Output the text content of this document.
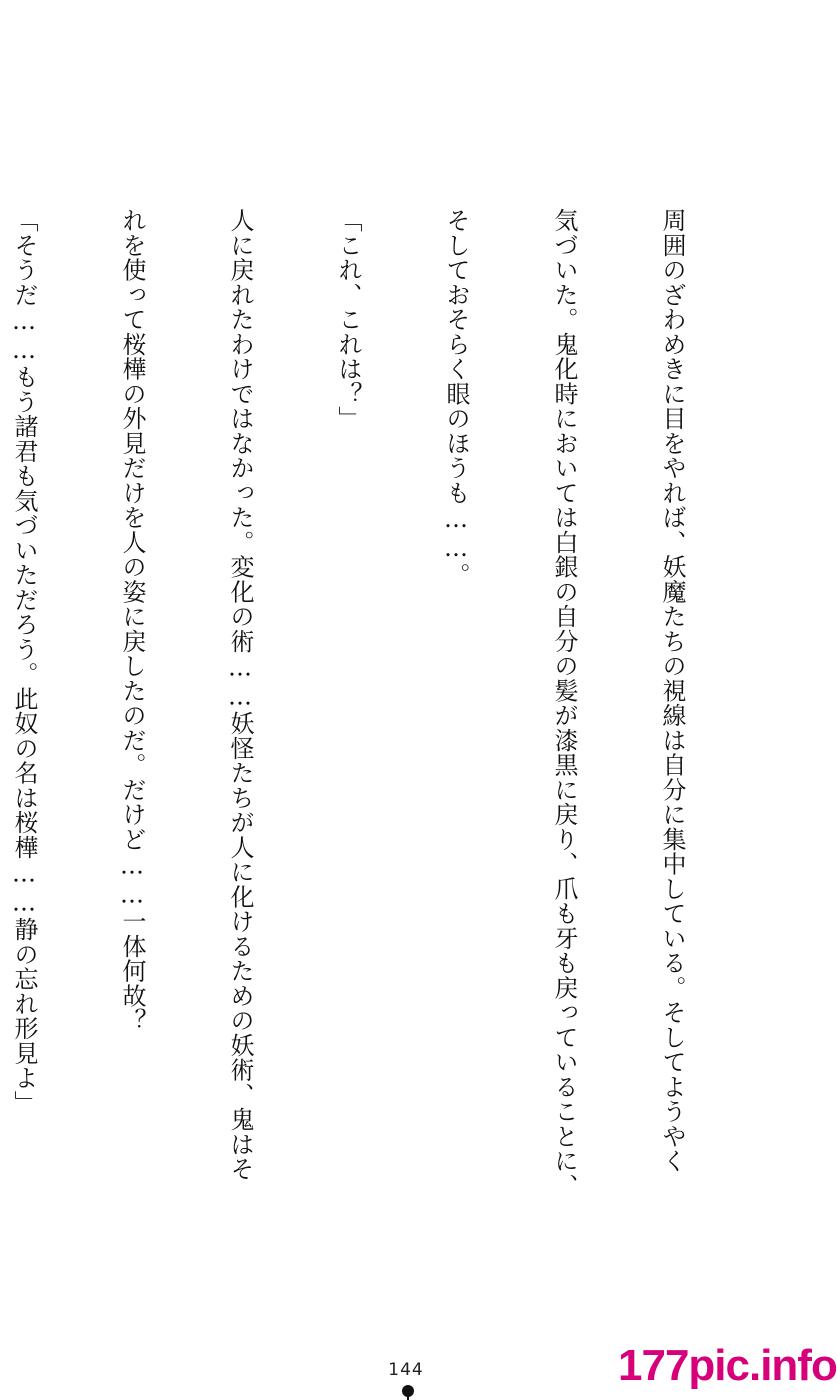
周囲のざわめきに目をやれば、妖魔たちの視線は自分に集中している。そしてようやく

気づいた。鬼化時においては白銀の自分の髪が漆黒に戻り、爪も牙も戻っていることに、

そしておそらく眼のほうも……。

「これ、これは？」

人に戻れたわけではなかった。変化の術……妖怪たちが人に化けるための妖術、鬼はそ

れを使って桜樺の外見だけを人の姿に戻したのだ。だけど……一体何故？

「そうだ……もう諸君も気づいただろう。此奴の名は桜樺……静の忘れ形見よ」

144	177pic.info
